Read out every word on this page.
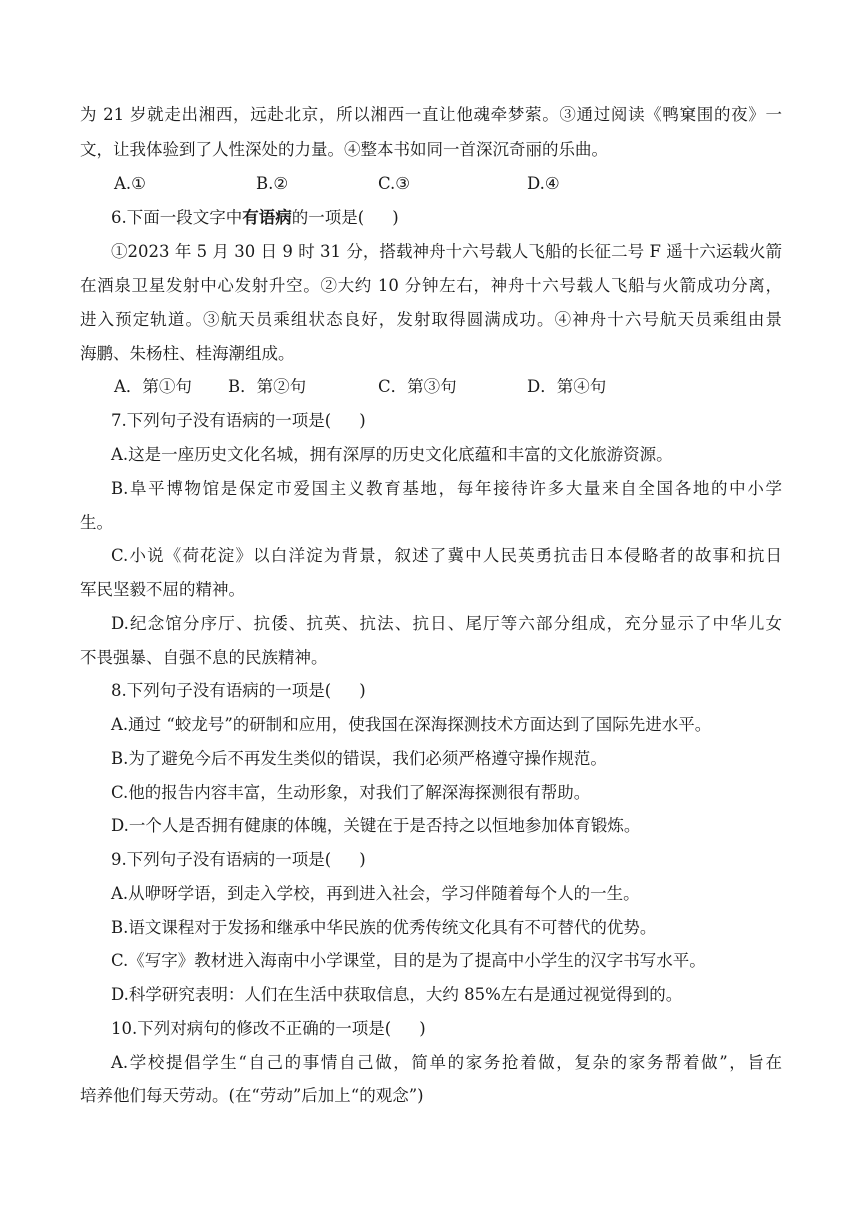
为 21 岁就走出湘西，远赴北京，所以湘西一直让他魂牵梦萦。③通过阅读《鸭窠围的夜》一
文，让我体验到了人性深处的力量。④整本书如同一首深沉奇丽的乐曲。
A.①	B.②	C.③	D.④
6.下面一段文字中有语病的一项是( )
①2023 年 5 月 30 日 9 时 31 分，搭载神舟十六号载人飞船的长征二号 F 遥十六运载火箭
在酒泉卫星发射中心发射升空。②大约 10 分钟左右，神舟十六号载人飞船与火箭成功分离，
进入预定轨道。③航天员乘组状态良好，发射取得圆满成功。④神舟十六号航天员乘组由景
海鹏、朱杨柱、桂海潮组成。
A．第①句 B．第②句	C．第③句	D．第④句
7.下列句子没有语病的一项是( )
A.这是一座历史文化名城，拥有深厚的历史文化底蕴和丰富的文化旅游资源。
B.阜平博物馆是保定市爱国主义教育基地，每年接待许多大量来自全国各地的中小学
生。
C.小说《荷花淀》以白洋淀为背景，叙述了冀中人民英勇抗击日本侵略者的故事和抗日
军民坚毅不屈的精神。
D.纪念馆分序厅、抗倭、抗英、抗法、抗日、尾厅等六部分组成，充分显示了中华儿女
不畏强暴、自强不息的民族精神。
8.下列句子没有语病的一项是( )
A.通过 “蛟龙号”的研制和应用，使我国在深海探测技术方面达到了国际先进水平。
B.为了避免今后不再发生类似的错误，我们必须严格遵守操作规范。
C.他的报告内容丰富，生动形象，对我们了解深海探测很有帮助。
D.一个人是否拥有健康的体魄，关键在于是否持之以恒地参加体育锻炼。
9.下列句子没有语病的一项是( )
A.从咿呀学语，到走入学校，再到进入社会，学习伴随着每个人的一生。
B.语文课程对于发扬和继承中华民族的优秀传统文化具有不可替代的优势。
C.《写字》教材进入海南中小学课堂，目的是为了提高中小学生的汉字书写水平。
D.科学研究表明：人们在生活中获取信息，大约 85%左右是通过视觉得到的。
10.下列对病句的修改不正确的一项是( )
A.学校提倡学生“自己的事情自己做，简单的家务抢着做，复杂的家务帮着做”，旨在
培养他们每天劳动。(在“劳动”后加上“的观念”)
